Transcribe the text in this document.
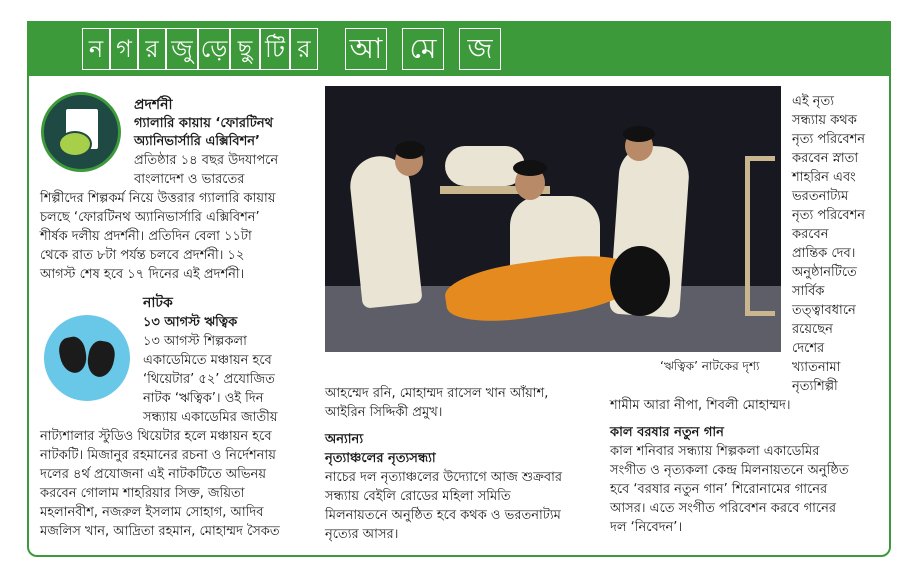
ন গ র জু ড়ে ছু টি র আ মে	জ
প্রদর্শনী
গ্যালারি কায়ায় ‘ফোরটিনথ
অ্যানিভার্সারি এক্সিবিশন’
প্রতিষ্ঠার ১৪ বছর উদযাপনে
বাংলাদেশ ও ভারতের
শিল্পীদের শিল্পকর্ম নিয়ে উত্তরার গ্যালারি কায়ায়
চলছে ‘ফোরটিনথ অ্যানিভার্সারি এক্সিবিশন’
শীর্ষক দলীয় প্রদর্শনী। প্রতিদিন বেলা ১১টা
থেকে রাত ৮টা পর্যন্ত চলবে প্রদর্শনী। ১২
আগস্ট শেষ হবে ১৭ দিনের এই প্রদর্শনী।
নাটক
১৩ আগস্ট ঋত্বিক
১৩ আগস্ট শিল্পকলা
একাডেমিতে মঞ্চায়ন হবে
‘থিয়েটার’ ৫২’ প্রযোজিত
নাটক ‘ঋত্বিক’। ওই দিন
সন্ধ্যায় একাডেমির জাতীয়
নাট্যশালার স্টুডিও থিয়েটার হলে মঞ্চায়ন হবে
নাটকটি। মিজানুর রহমানের রচনা ও নির্দেশনায়
দলের ৪র্থ প্রযোজনা এই নাটকটিতে অভিনয়
করবেন গোলাম শাহরিয়ার সিক্ত, জয়িতা
মহলানবীশ, নজরুল ইসলাম সোহাগ, আদিব
মজলিস খান, আদ্রিতা রহমান, মোহাম্মদ সৈকত
‘ঋত্বিক’ নাটকের দৃশ্য
আহম্মেদ রনি, মোহাম্মদ রাসেল খান আঁয়াশ,
আইরিন সিদ্দিকী প্রমুখ।
অন্যান্য
নৃত্যাঞ্চলের নৃত্যসন্ধ্যা
নাচের দল নৃত্যাঞ্চলের উদ্যোগে আজ শুক্রবার
সন্ধ্যায় বেইলি রোডের মহিলা সমিতি
মিলনায়তনে অনুষ্ঠিত হবে কথক ও ভরতনাট্যম
নৃত্যের আসর।
এই নৃত্য
সন্ধ্যায় কথক
নৃত্য পরিবেশন
করবেন স্নাতা
শাহরিন এবং
ভরতনাট্যম
নৃত্য পরিবেশন
করবেন
প্রান্তিক দেব।
অনুষ্ঠানটিতে
সার্বিক
তত্ত্বাবধানে
রয়েছেন
দেশের
খ্যাতনামা
নৃত্যশিল্পী
শামীম আরা নীপা, শিবলী মোহাম্মদ।
কাল বরষার নতুন গান
কাল শনিবার সন্ধ্যায় শিল্পকলা একাডেমির
সংগীত ও নৃত্যকলা কেন্দ্র মিলনায়তনে অনুষ্ঠিত
হবে ‘বরষার নতুন গান’ শিরোনামের গানের
আসর। এতে সংগীত পরিবেশন করবে গানের
দল ‘নিবেদন’।
